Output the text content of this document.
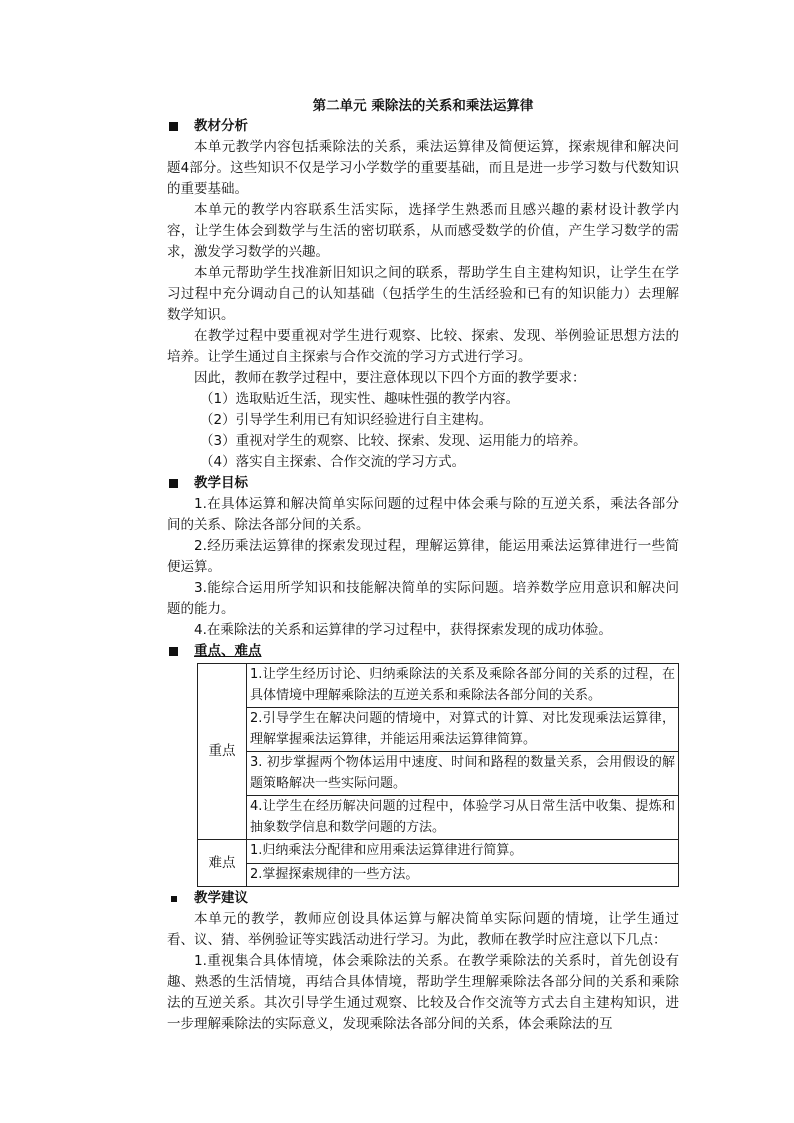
第二单元 乘除法的关系和乘法运算律
教材分析

本单元教学内容包括乘除法的关系，乘法运算律及简便运算，探索规律和解决问题4部分。这些知识不仅是学习小学数学的重要基础，而且是进一步学习数与代数知识的重要基础。

本单元的教学内容联系生活实际，选择学生熟悉而且感兴趣的素材设计教学内容，让学生体会到数学与生活的密切联系，从而感受数学的价值，产生学习数学的需求，激发学习数学的兴趣。

本单元帮助学生找准新旧知识之间的联系，帮助学生自主建构知识，让学生在学习过程中充分调动自己的认知基础（包括学生的生活经验和已有的知识能力）去理解数学知识。

在教学过程中要重视对学生进行观察、比较、探索、发现、举例验证思想方法的培养。让学生通过自主探索与合作交流的学习方式进行学习。

因此，教师在教学过程中，要注意体现以下四个方面的教学要求：

（1）选取贴近生活，现实性、趣味性强的教学内容。

（2）引导学生利用已有知识经验进行自主建构。

（3）重视对学生的观察、比较、探索、发现、运用能力的培养。

（4）落实自主探索、合作交流的学习方式。

教学目标

1.在具体运算和解决简单实际问题的过程中体会乘与除的互逆关系，乘法各部分间的关系、除法各部分间的关系。

2.经历乘法运算律的探索发现过程，理解运算律，能运用乘法运算律进行一些简便运算。

3.能综合运用所学知识和技能解决简单的实际问题。培养数学应用意识和解决问题的能力。

4.在乘除法的关系和运算律的学习过程中，获得探索发现的成功体验。

重点、难点
重点	1.让学生经历讨论、归纳乘除法的关系及乘除各部分间的关系的过程，在具体情境中理解乘除法的互逆关系和乘除法各部分间的关系。
	2.引导学生在解决问题的情境中，对算式的计算、对比发现乘法运算律，理解掌握乘法运算律，并能运用乘法运算律简算。
	3. 初步掌握两个物体运用中速度、时间和路程的数量关系，会用假设的解题策略解决一些实际问题。
	4.让学生在经历解决问题的过程中，体验学习从日常生活中收集、提炼和抽象数学信息和数学问题的方法。
难点	1.归纳乘法分配律和应用乘法运算律进行简算。
	2.掌握探索规律的一些方法。
教学建议

本单元的教学，教师应创设具体运算与解决简单实际问题的情境，让学生通过看、议、猜、举例验证等实践活动进行学习。为此，教师在教学时应注意以下几点：

1.重视集合具体情境，体会乘除法的关系。在教学乘除法的关系时，首先创设有趣、熟悉的生活情境，再结合具体情境，帮助学生理解乘除法各部分间的关系和乘除法的互逆关系。其次引导学生通过观察、比较及合作交流等方式去自主建构知识，进一步理解乘除法的实际意义，发现乘除法各部分间的关系，体会乘除法的互
